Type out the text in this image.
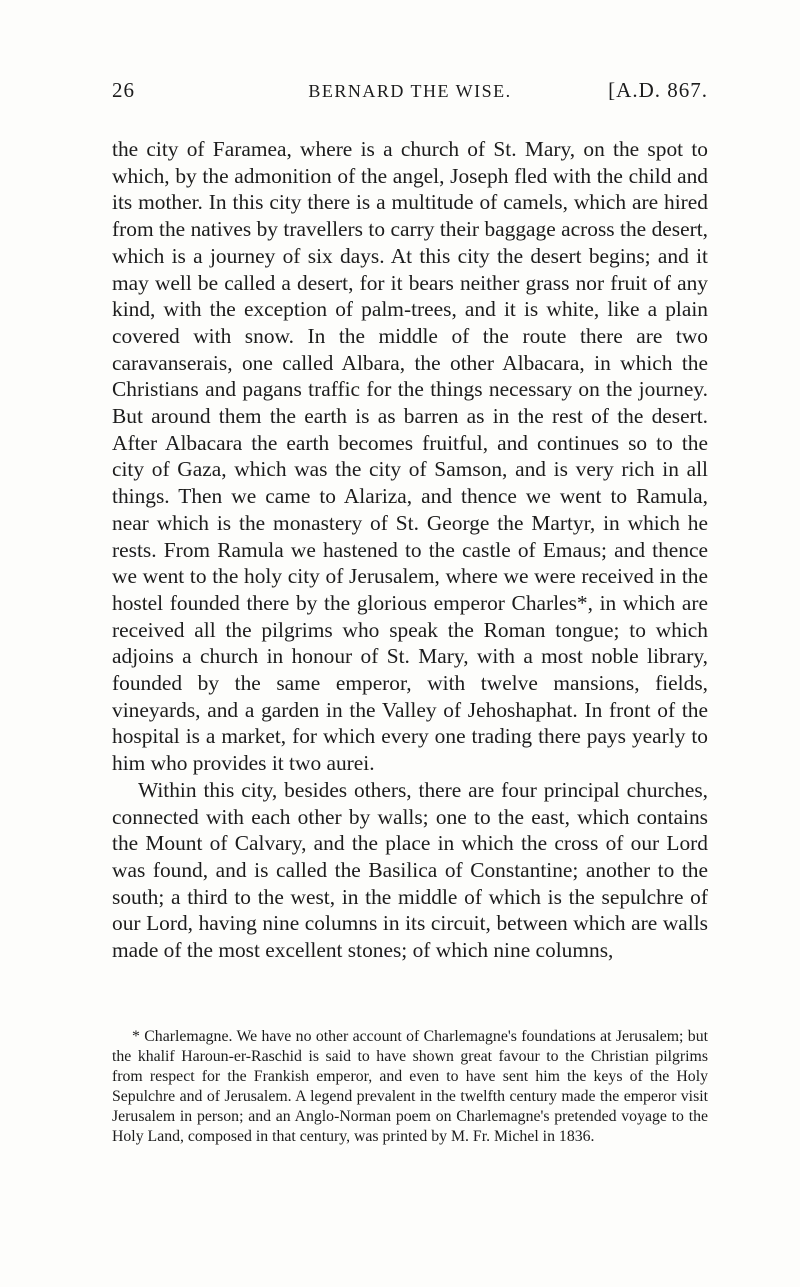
26	BERNARD THE WISE.	[A.D. 867.

the city of Faramea, where is a church of St. Mary, on the spot to which, by the admonition of the angel, Joseph fled with the child and its mother. In this city there is a multitude of camels, which are hired from the natives by travellers to carry their baggage across the desert, which is a journey of six days. At this city the desert begins; and it may well be called a desert, for it bears neither grass nor fruit of any kind, with the exception of palm-trees, and it is white, like a plain covered with snow. In the middle of the route there are two caravanserais, one called Albara, the other Albacara, in which the Christians and pagans traffic for the things necessary on the journey. But around them the earth is as barren as in the rest of the desert. After Albacara the earth becomes fruitful, and continues so to the city of Gaza, which was the city of Samson, and is very rich in all things. Then we came to Alariza, and thence we went to Ramula, near which is the monastery of St. George the Martyr, in which he rests. From Ramula we hastened to the castle of Emaus; and thence we went to the holy city of Jerusalem, where we were received in the hostel founded there by the glorious emperor Charles*, in which are received all the pilgrims who speak the Roman tongue; to which adjoins a church in honour of St. Mary, with a most noble library, founded by the same emperor, with twelve mansions, fields, vineyards, and a garden in the Valley of Jehoshaphat. In front of the hospital is a market, for which every one trading there pays yearly to him who provides it two aurei.

Within this city, besides others, there are four principal churches, connected with each other by walls; one to the east, which contains the Mount of Calvary, and the place in which the cross of our Lord was found, and is called the Basilica of Constantine; another to the south; a third to the west, in the middle of which is the sepulchre of our Lord, having nine columns in its circuit, between which are walls made of the most excellent stones; of which nine columns,

* Charlemagne. We have no other account of Charlemagne's foundations at Jerusalem; but the khalif Haroun-er-Raschid is said to have shown great favour to the Christian pilgrims from respect for the Frankish emperor, and even to have sent him the keys of the Holy Sepulchre and of Jerusalem. A legend prevalent in the twelfth century made the emperor visit Jerusalem in person; and an Anglo-Norman poem on Charlemagne's pretended voyage to the Holy Land, composed in that century, was printed by M. Fr. Michel in 1836.
